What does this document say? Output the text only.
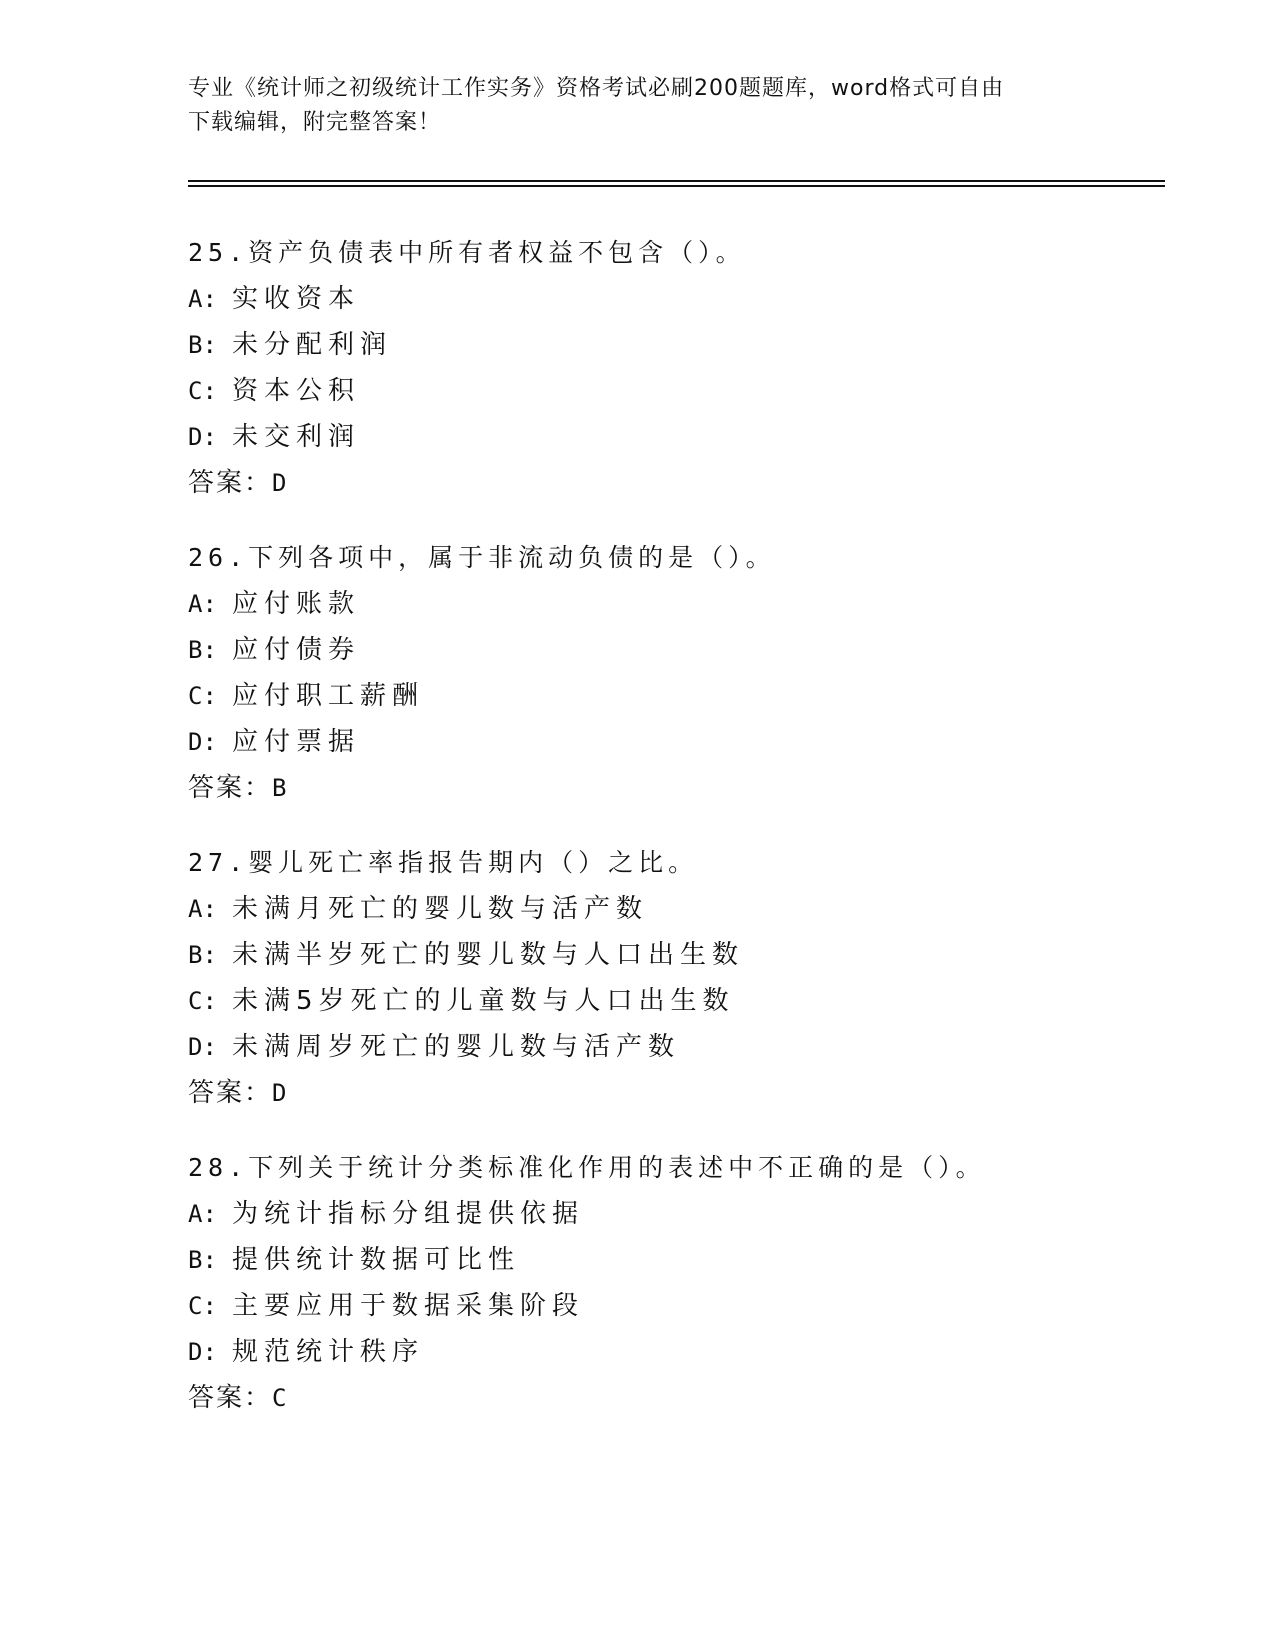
专业《统计师之初级统计工作实务》资格考试必刷200题题库，word格式可自由
下载编辑，附完整答案！
25.资产负债表中所有者权益不包含（）。
A: 实收资本
B: 未分配利润
C: 资本公积
D: 未交利润
答案：D
26.下列各项中，属于非流动负债的是（）。
A: 应付账款
B: 应付债券
C: 应付职工薪酬
D: 应付票据
答案：B
27.婴儿死亡率指报告期内（）之比。
A: 未满月死亡的婴儿数与活产数
B: 未满半岁死亡的婴儿数与人口出生数
C: 未满5岁死亡的儿童数与人口出生数
D: 未满周岁死亡的婴儿数与活产数
答案：D
28.下列关于统计分类标准化作用的表述中不正确的是（）。
A: 为统计指标分组提供依据
B: 提供统计数据可比性
C: 主要应用于数据采集阶段
D: 规范统计秩序
答案：C
